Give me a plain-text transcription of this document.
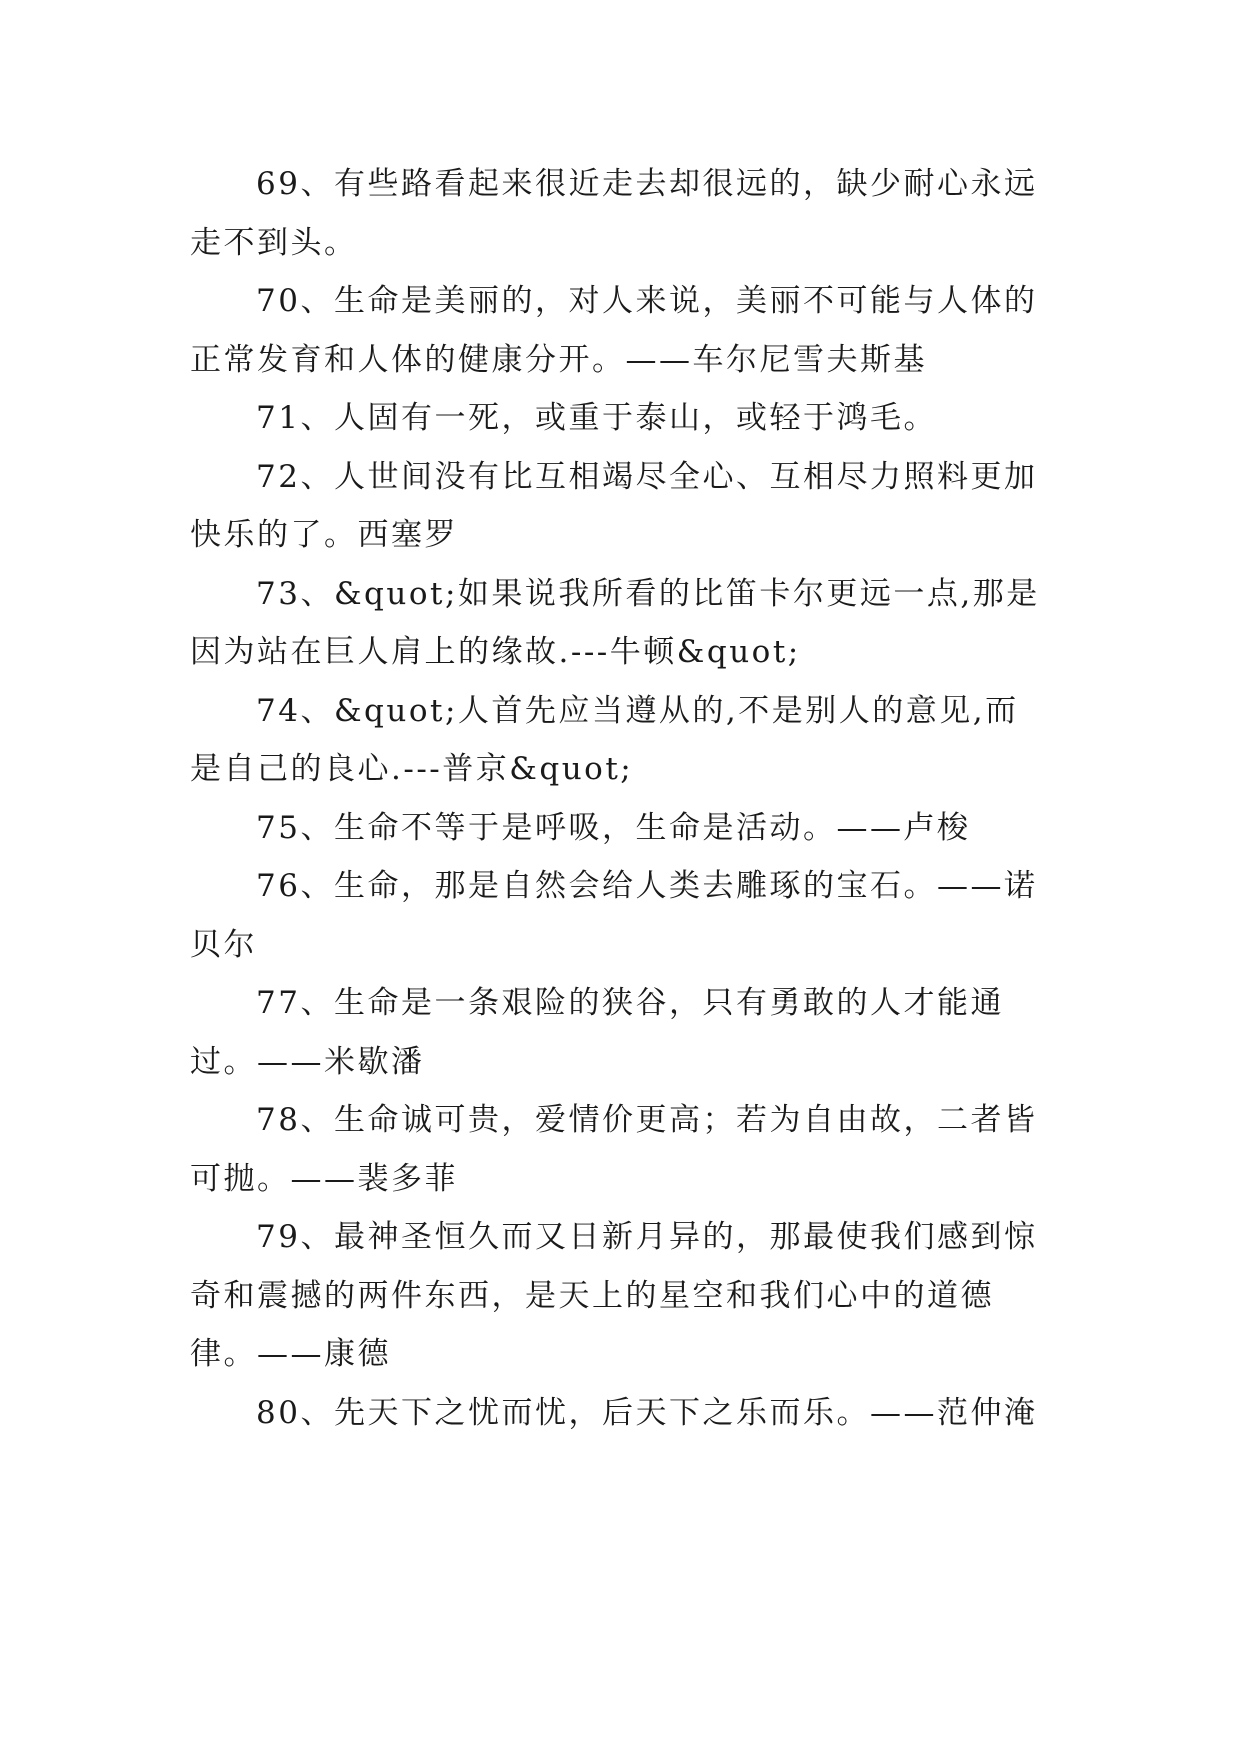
69、有些路看起来很近走去却很远的，缺少耐心永远走不到头。

70、生命是美丽的，对人来说，美丽不可能与人体的正常发育和人体的健康分开。——车尔尼雪夫斯基

71、人固有一死，或重于泰山，或轻于鸿毛。

72、人世间没有比互相竭尽全心、互相尽力照料更加快乐的了。西塞罗

73、&quot;如果说我所看的比笛卡尔更远一点,那是因为站在巨人肩上的缘故.---牛顿&quot;

74、&quot;人首先应当遵从的,不是别人的意见,而是自己的良心.---普京&quot;

75、生命不等于是呼吸，生命是活动。——卢梭

76、生命，那是自然会给人类去雕琢的宝石。——诺贝尔

77、生命是一条艰险的狭谷，只有勇敢的人才能通过。——米歇潘

78、生命诚可贵，爱情价更高；若为自由故，二者皆可抛。——裴多菲

79、最神圣恒久而又日新月异的，那最使我们感到惊奇和震撼的两件东西，是天上的星空和我们心中的道德律。——康德

80、先天下之忧而忧，后天下之乐而乐。——范仲淹
